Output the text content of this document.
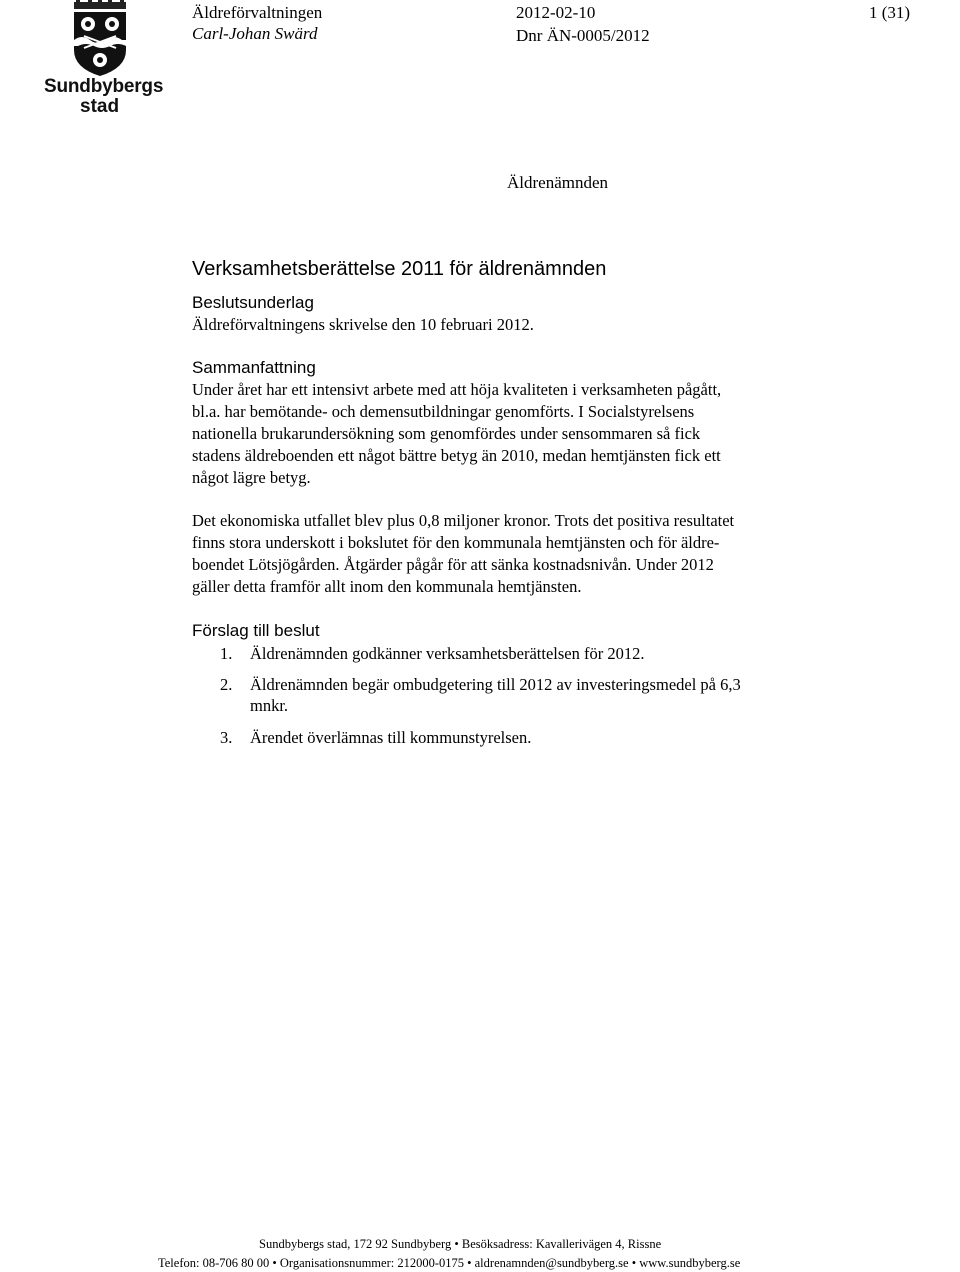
Sundbybergs
stad
Äldreförvaltningen
Carl-Johan Swärd
2012-02-10
Dnr ÄN-0005/2012
1 (31)
Äldrenämnden
Verksamhetsberättelse 2011 för äldrenämnden
Beslutsunderlag
Äldreförvaltningens skrivelse den 10 februari 2012.
Sammanfattning
Under året har ett intensivt arbete med att höja kvaliteten i verksamheten pågått,
bl.a. har bemötande- och demensutbildningar genomförts. I Socialstyrelsens
nationella brukarundersökning som genomfördes under sensommaren så fick
stadens äldreboenden ett något bättre betyg än 2010, medan hemtjänsten fick ett
något lägre betyg.
Det ekonomiska utfallet blev plus 0,8 miljoner kronor. Trots det positiva resultatet
finns stora underskott i bokslutet för den kommunala hemtjänsten och för äldre-
boendet Lötsjögården. Åtgärder pågår för att sänka kostnadsnivån. Under 2012
gäller detta framför allt inom den kommunala hemtjänsten.
Förslag till beslut
1. Äldrenämnden godkänner verksamhetsberättelsen för 2012.
2. Äldrenämnden begär ombudgetering till 2012 av investeringsmedel på 6,3
mnkr.
3. Ärendet överlämnas till kommunstyrelsen.
Sundbybergs stad, 172 92 Sundbyberg • Besöksadress: Kavallerivägen 4, Rissne
Telefon: 08-706 80 00 • Organisationsnummer: 212000-0175 • aldrenamnden@sundbyberg.se • www.sundbyberg.se
